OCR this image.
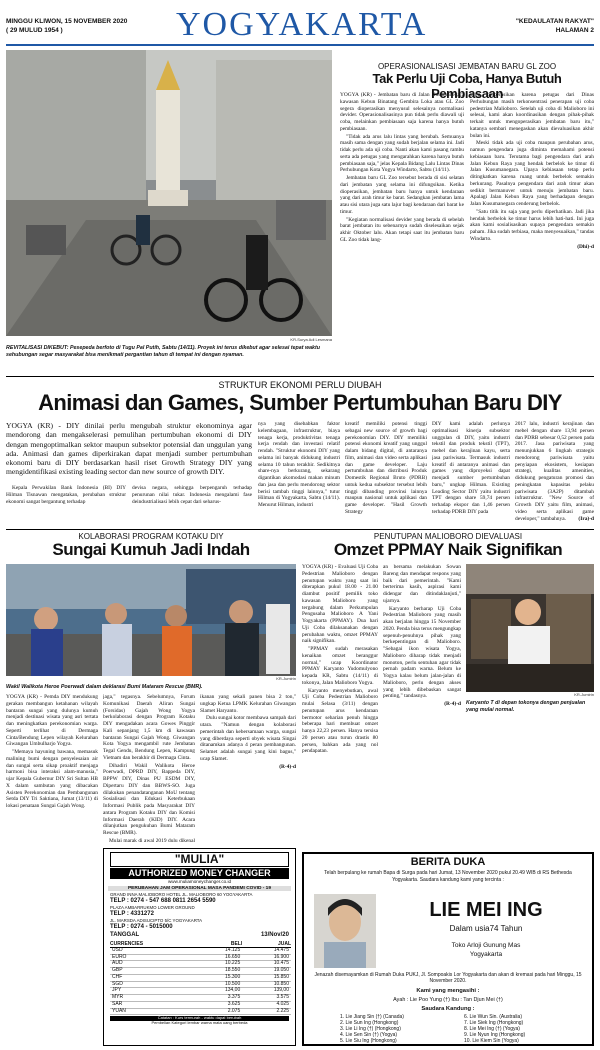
MINGGU KLIWON, 15 NOVEMBER 2020
( 29 MULUD 1954 )	YOGYAKARTA	"KEDAULATAN RAKYAT"
HALAMAN 2
KR-Surya Adi Lesmana
REVITALISASI DIKEBUT: Pesepeda berfoto di Tugu Pal Putih, Sabtu (14/11). Proyek ini terus dikebut agar selesai tepat waktu sehubungan segar masyarakat bisa menikmati pergantian tahun di tempat ini dengan nyaman.
OPERASIONALISASI JEMBATAN BARU GL ZOO
Tak Perlu Uji Coba, Hanya Butuh Pembiasaan

YOGYA (KR) - Jembatan baru di Jalan Kusumanegara kawasan Kebun Binatang Gembira Loka atau GL Zoo segera dioperasikan menyusul selesainya normalisasi devider. Operasionalisasinya pun tidak perlu diawali uji coba, melainkan pembiasaan saja karena hanya butuh pembiasaan.

"Tidak ada arus lalu lintas yang berubah. Semuanya masih sama dengan yang sudah berjalan selama ini. Jadi tidak perlu ada uji coba. Nanti akan kami pasang rambu serta ada petugas yang mengarahkan karena hanya butuh pembiasaan saja," jelas Kepala Bidang Lalu Lintas Dinas Perhubungan Kota Yogya Windarto, Sabtu (14/11).

Jembatan baru GL Zoo tersebut berada di sisi selatan dari jembatan yang selama ini difungsikan. Ketika dioperasikan, jembatan baru hanya untuk kendaraan yang dari arah timur ke barat. Sedangkan jembatan lama atau sisi utara juga satu lajur bagi kendaraan dari barat ke timur.

"Kegiatan normalisasi devider yang berada di sebelah barat jembatan itu sebenarnya sudah diselesaikan sejak akhir Oktober lalu. Akan tetapi saat itu jembatan baru GL Zoo tidak lang-

sung dioperasikan karena petugas dari Dinas Perhubungan masih terkonsentrasi penerapan uji coba pedestrian Malioboro. Setelah uji coba di Malioboro ini selesai, kami akan koordinasikan dengan pihak-pihak terkait untuk mengoperasikan jembatan baru itu," katanya sembari menegaskan akan dievaluasikan akhir bulan ini.

Meski tidak ada uji coba maupun perubahan arus, namun pengendara juga diminta memahami potensi kebiasaan baru. Terutama bagi pengendara dari arah Jalan Kebun Raya yang hendak berbelok ke timur di Jalan Kusumanegara. Upaya kebiasaan tetap perlu ditingkatkan karena ruang untuk berbelok semakin berkurang. Pasalnya pengendara dari arah timur akan sedikit bermanuver untuk menuju jembatan baru. Apalagi Jalan Kebun Raya yang berhadapan dengan Jalan Kusumanegara cenderung berbelok.

"Satu titik itu saja yang perlu diperhatikan. Jadi jika hendak berbelok ke timur harus lebih hati-hati. Ini juga akan kami sosialisasikan supaya pengendara semakin paham. Jika sudah terbiasa, maka menyesuaikan," tandas Windarto.

(Dhi)-d

STRUKTUR EKONOMI PERLU DIUBAH
Animasi dan Games, Sumber Pertumbuhan Baru DIY
YOGYA (KR) - DIY dinilai perlu mengubah struktur ekonominya agar mendorong dan mengakselerasi pemulihan pertumbuhan ekonomi di DIY dengan mengoptimalkan sektor maupun subsektor potensial dan unggulan yang ada. Animasi dan games diperkirakan dapat menjadi sumber pertumbuhan ekonomi baru di DIY berdasarkan hasil riset Growth Strategy DIY yang mengidentifikasi existing leading sector dan new source of growth DIY.
Kepala Perwakilan Bank Indonesia (BI) DIY Hilman Tisnawan mengatakan, perubahan struktur ekonomi sangat bergantung terhadap
devisa negara, sehingga berpengaruh terhadap penurunan nilai tukar. Indonesia mengalami fase deindustrialisasi lebih cepat dari seharus-
nya yang disebabkan faktor kelembagaan, infrastruktur, biaya tenaga kerja, produktivitas tenaga kerja rendah dan investasi relatif rendah. "Struktur ekonomi DIY yang selama ini banyak didukung industri selama 10 tahun terakhir. Sedikitnya share-nya berkurang, sekarang digantikan akomodasi makan minum dan jasa dan perlu mendorong sektor berisi tambah tinggi lainnya," tutur Hilman di Yogyakarta, Sabtu (14/11). Menurut Hilman, industri
kreatif memiliki potensi tinggi sebagai new source of growth bagi perekonomian DIY. DIY memiliki potensi ekonomi kreatif yang unggul dalam bidang digital, di antaranya film, animasi dan video serta aplikasi dan game developer. Laju pertumbuhan dan distribusi Produk Domestik Regional Bruto (PDRB) untuk kedua subsektor tersebut lebih tinggi dibanding provinsi lainnya maupun nasional untuk aplikasi dan game developer. "Hasil Growth Strategy
DIY kami adalah perlunya optimalisasi kinerja subsektor unggulan di DIY, yaitu industri tekstil dan produk tekstil (TPT), mebel dan kerajinan kayu, serta jasa pariwisata. Termasuk industri kreatif di antaranya animasi dan games yang diproyeksi dapat menjadi sumber pertumbuhan baru," ungkap Hilman. Existing Leading Sector DIY yaitu industri TPT dengan share 59,74 persen terhadap ekspor dan 1,46 persen terhadap PDRB DIY pada
2017 lalu, industri kerajinan dan mebel dengan share 13,94 persen dan PDRB sebesar 0,52 persen pada 2017. Jasa pariwisata yang menunjukkan 6 lingkah strategis mendorong pariwisata yaitu penyiapan ekosistem, kesiapan strategi, kualitas amenities, didukung pengaturan promosi dan peningkatan kapasitas pelaku pariwisata (3A2P) ditambah infrastruktur. "New Source of Growth DIY yaitu film, animasi, video serta aplikasi game developer," tambahnya. (Ira)-d
KOLABORASI PROGRAM KOTAKU DIY
Sungai Kumuh Jadi Indah
KR-Jumirin
Wakil Walikota Heroe Poerwadi dalam deklarasi Bumi Mataram Rescue (BMR).

YOGYA (KR) - Pemda DIY mendukung gerakan membangun ketahanan wilayah bantaran sungai yang dulunya kumuh menjadi destinasi wisata yang asri tertata dan meningkatkan perekonomian warga. Seperti terlihat di Dermaga Cinta/Bendung Lepen wilayah Kelurahan Giwangan Umbulharjo Yogya.

"Memaya hayuning bawana, memasuk malining bumi dengan penyelesaian air dan sungai serta sikap proaktif menjaga harmoni bisa interaksi alam-manusia," ujar Kepala Gubernur DIY Sri Sultan HB X dalam sambutan yang dibacakan Asisten Perekonomian dan Pembangunan Setda DIY Tri Saktiana, Jumat (13/11) di lokasi penataan Sungai Gajah Wong.

jaga," tegasnya. Sebelumnya, Forum Komunikasi Daerah Aliran Sungai (Forsidas) Gajah Wong Yogya berkolaborasi dengan Program Kotaku DIY mengadakan acara Gowes Pinggir Kali sepanjang 1,5 km di kawasan bantaran Sungai Gajah Wong. Giwangan Kota Yogya mengambil rute Jembatan Tegal Gendu, Bendung Lepen, Kampung Vietnam dan berakhir di Dermaga Cinta.

Dihadiri Wakil Walikota Heroe Poerwadi, DPRD DIY, Bappeda DIY, BPPW DIY, Dinas PU ESDM DIY, Dipertaru DIY dan BBWS-SO. Juga dilakukan penandatanganan MoU tentang Sosialisasi dan Edukasi Keterbukaan Informasi Publik pada Masyarakat DIY antara Program Kotaku DIY dan Komisi Informasi Daerah (KID) DIY. Acara dilanjutkan pengukuhan Bumi Mataram Rescue (BMR).

Mulai marak di awal 2019 dulu dikenal

ikanan yang sekali panen bisa 2 ton," ungkap Ketua LPMK Kelurahan Giwangan Slamet Haryanto.

Dulu sungai kotor membawa sampah dari utara. "Namun dengan kolaborasi pemerintah dan kebersamaan warga, sungai yang diberdaya seperti obyek wisata Singai ditanamkan adanya 4 peran pembangunan. Selamet adalah sungai yang kini bagus," ucap Slamet.

(R-4)-d

"MULIA"
AUTHORIZED MONEY CHANGER
www.muliamoneychanger.co.id
PERUBAHAN JAM OPERASIONAL MASA PANDEMI COVID - 19
GRAND INNA MALIOBORO HOTEL JL. MALIOBORO 60 YOGYAKARTA
TELP : 0274 - 547 688 0811 2654 5590
PLAZA AMBARRUKMO LOWER GROUND
TELP : 4331272
JL. MARSDA ADISUCIPTO 5/C YOGYAKARTA
TELP : 0274 - 5015000
TANGGAL	13/Nov/20
CURRENCIES	BELI	JUAL
USD	14.125	14.475
EURO	16.650	16.900
AUD	10.225	10.475
GBP	18.550	19.050
CHF	15.300	15.850
SGD	10.500	10.850
JPY	134,00	139,00
MYR	3.375	3.575
SAR	3.625	4.025
YUAN	2.075	2.225
Catatan : Kurs termurah - waktu dapat berubah
Pembelian Kategori lembar warna mata uang berbeda
PENUTUPAN MALIOBORO DIEVALUASI
Omzet PPMAY Naik Signifikan

YOGYA (KR) - Evaluasi Uji Coba Pedestrian Malioboro dengan penutupan waktu yang saat ini diterapkan pukul 18.00 - 21.00 diambut positif pemilik toko kawasan Malioboro yang tergabung dalam Perkumpulan Pengusaha Malioboro A Yani Yogyakarta (PPMAY). Dua hari Uji Coba dilaksanakan dengan perubahan waktu, omzet PPMAY naik signifikan.

"PPMAY sudah merasakan kenaikan omzet beranggur normal," ucap Koordinator PPMAY Karyanto Yudomulyono kepada KR, Sabtu (14/11) di tokonya, Jalan Malioboro Yogya.

Karyanto menyebutkan, awal Uji Coba Pedestrian Malioboro mulai Selasa (3/11) dengan penutupan arus kendaraan bermotor seharian penuh hingga beberapa hari membuat omzet hanya 22,23 persen. Hanya tersisa 20 persen atau turun drastis 80 persen, bahkan ada yang nol pendapatan.

an bersama melakukan Sowan Bareng dan mendapat respons yang baik dari pemerintah. "Kami berterima kasih, aspirasi kami didengar dan ditindaklanjuti," ujarnya.

Karyanto berharap Uji Coba Pedestrian Malioboro yang masih akan berjalan hingga 15 November 2020. Penda bisa terus mengungkap sepenuh-penuhnya pihak yang berkepentingan di Malioboro. "Sebagai ikon wisata Yogya, Malioboro diharap tidak menjadi monoton, perlu sentuhan agar tidak pernah padam warna. Belum ke Yogya kalau belum jalan-jalan di Malioboro, perlu dengan akses yang lebih dibebaskan sangat penting," tandasnya.

(R-4)-d

KR-Jumirin
Karyanto T di depan tokonya dengan penjualan yang mulai normal.
BERITA DUKA
Telah berpulang ke rumah Bapa di Surga pada hari Jumat, 13 November 2020 pukul 20.49 WIB di RS Bethesda Yogyakarta. Saudara kandung kami yang tercinta :
LIE MEI ING
Dalam usia74 Tahun
Toko Arloji Gunung Mas
Yogyakarta
Jenazah disemayamkan di Rumah Duka PUKJ, Jl. Sompoakis Lor Yogyakarta dan akan di kremasi pada hari Minggu, 15 November 2020.
Kami yang mengasihi :
Ayah : Lie Poo Yung (†) Ibu : Tan Djun Mei (†)
Saudara Kandung :
1. Lie Jiang Sin (†) (Canada)
2. Lie Sun Ing (Hongkong)
3. Lie Li Ing (†) (Hongkong)
4. Lie Sen Sin (†) (Yogya)
5. Lie Siu Ing (Hongkong)
6. Lie Wun Sin. (Australia)
7. Lie Siek Ing (Hongkong)
8. Lie Mei Ing (†) (Yogya)
9. Lie Nyun Ing (Hongkong)
10. Lie Kiem Sin (Yogya)
